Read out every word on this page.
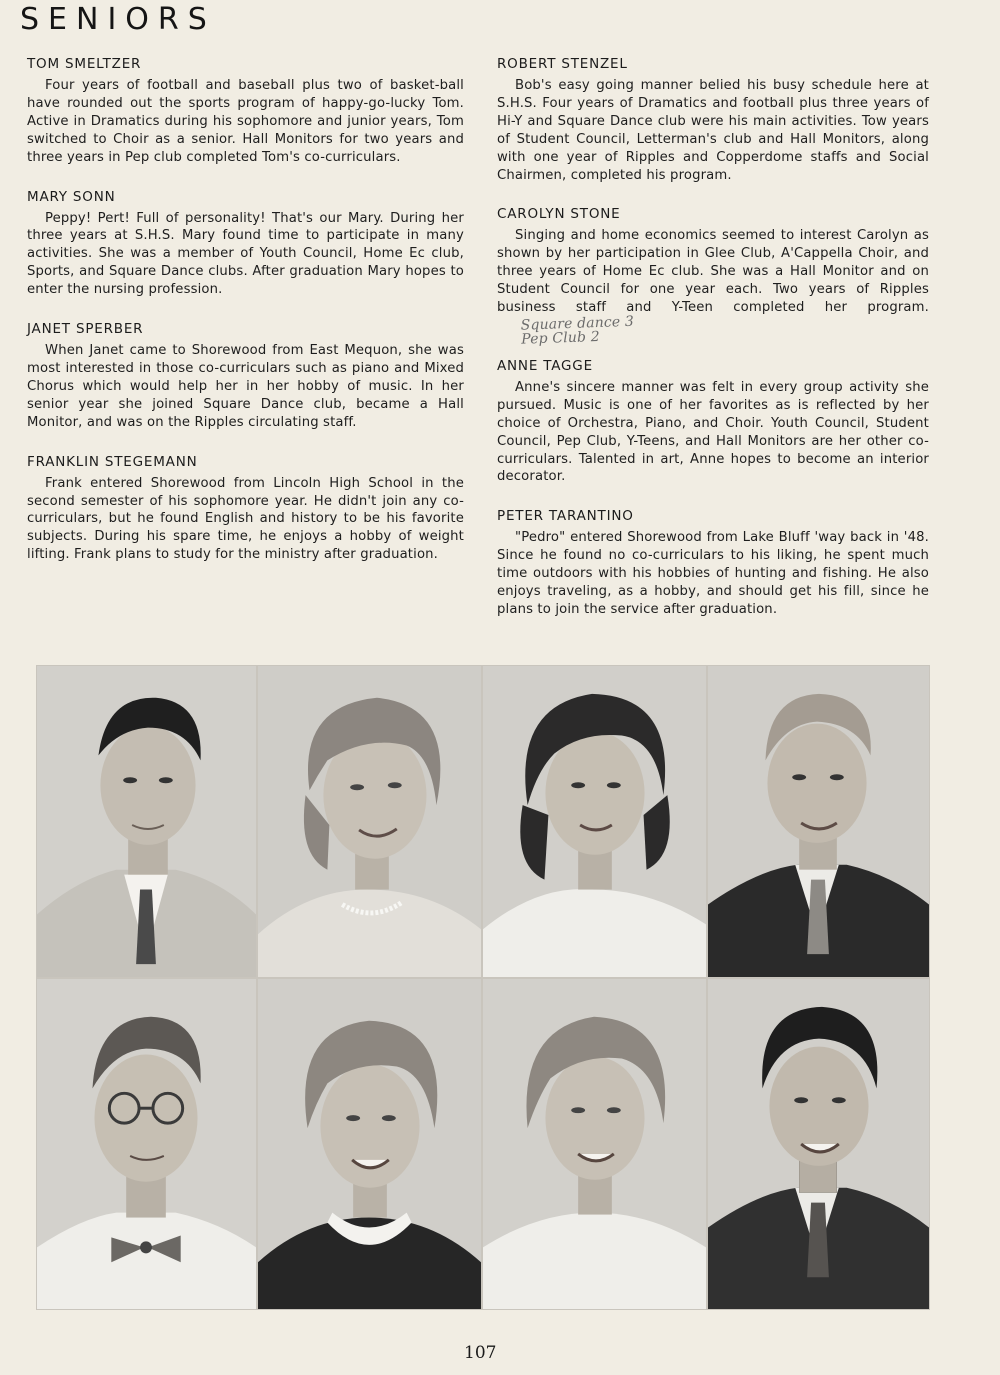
SENIORS

TOM SMELTZER

Four years of football and baseball plus two of basket-ball have rounded out the sports program of happy-go-lucky Tom. Active in Dramatics during his sophomore and junior years, Tom switched to Choir as a senior. Hall Monitors for two years and three years in Pep club completed Tom's co-curriculars.

MARY SONN

Peppy! Pert! Full of personality! That's our Mary. During her three years at S.H.S. Mary found time to participate in many activities. She was a member of Youth Council, Home Ec club, Sports, and Square Dance clubs. After graduation Mary hopes to enter the nursing profession.

JANET SPERBER

When Janet came to Shorewood from East Mequon, she was most interested in those co-curriculars such as piano and Mixed Chorus which would help her in her hobby of music. In her senior year she joined Square Dance club, became a Hall Monitor, and was on the Ripples circulating staff.

FRANKLIN STEGEMANN

Frank entered Shorewood from Lincoln High School in the second semester of his sophomore year. He didn't join any co-curriculars, but he found English and history to be his favorite subjects. During his spare time, he enjoys a hobby of weight lifting. Frank plans to study for the ministry after graduation.

ROBERT STENZEL

Bob's easy going manner belied his busy schedule here at S.H.S. Four years of Dramatics and football plus three years of Hi-Y and Square Dance club were his main activities. Tow years of Student Council, Letterman's club and Hall Monitors, along with one year of Ripples and Copperdome staffs and Social Chairmen, completed his program.

CAROLYN STONE

Singing and home economics seemed to interest Carolyn as shown by her participation in Glee Club, A'Cappella Choir, and three years of Home Ec club. She was a Hall Monitor and on Student Council for one year each. Two years of Ripples business staff and Y-Teen completed her program.
Square dance 3
Pep Club 2

ANNE TAGGE

Anne's sincere manner was felt in every group activity she pursued. Music is one of her favorites as is reflected by her choice of Orchestra, Piano, and Choir. Youth Council, Student Council, Pep Club, Y-Teens, and Hall Monitors are her other co-curriculars. Talented in art, Anne hopes to become an interior decorator.

PETER TARANTINO

"Pedro" entered Shorewood from Lake Bluff 'way back in '48. Since he found no co-curriculars to his liking, he spent much time outdoors with his hobbies of hunting and fishing. He also enjoys traveling, as a hobby, and should get his fill, since he plans to join the service after graduation.

107
